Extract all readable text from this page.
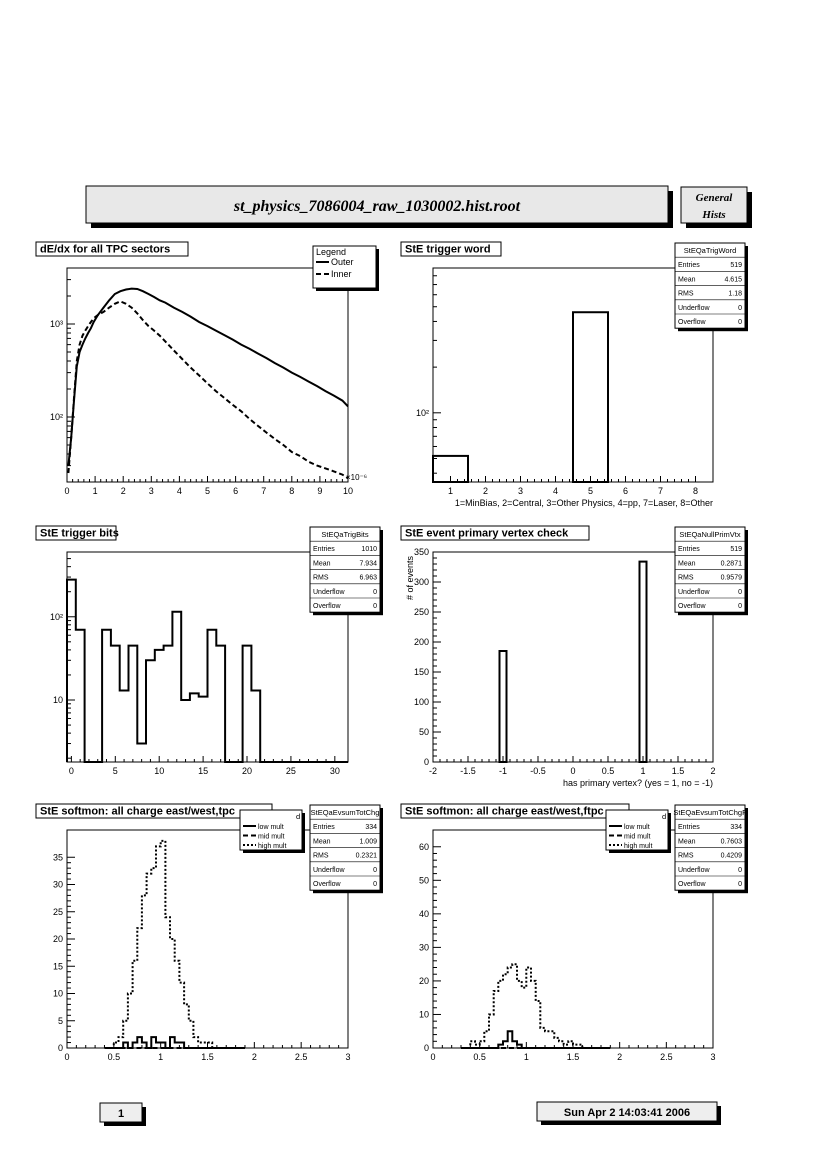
st_physics_7086004_raw_1030002.hist.root	General
Hists
dE/dx for all TPC sectors
0	1	2	3	4	5	6	7	8	9 10
×10⁻⁶
10²
10³
Legend
Outer
Inner
StE trigger word
1	2	3	4	5	6	7	8
1=MinBias, 2=Central, 3=Other Physics, 4=pp, 7=Laser, 8=Other
10²
StEQaTrigWord
Entries	519
Mean	4.615
RMS	1.18
Underflow	0
Overflow	0
StE trigger bits
0	5	10	15	20	25	30
10
10²
StEQaTrigBits
Entries	1010
Mean	7.934
RMS	6.963
Underflow	0
Overflow	0
StE event primary vertex check
-2	-1.5	-1	-0.5	0	0.5	1	1.5	2
has primary vertex? (yes = 1, no = -1)
0
50
100
150
200
250
300
350
# of events
StEQaNullPrimVtx
Entries	519
Mean	0.2871
RMS	0.9579
Underflow	0
Overflow	0
StE softmon: all charge east/west,tpc
0	0.5	1	1.5	2	2.5	3
0
5
10
15
20
25
30
35
StEQaEvsumTotChg
Entries	334
Mean	1.009
RMS	0.2321
Underflow	0
Overflow	0
d
low mult
mid mult
high mult
StE softmon: all charge east/west,ftpc
0	0.5	1	1.5	2	2.5	3
0
10
20
30
40
50
60
StEQaEvsumTotChgF
Entries	334
Mean	0.7603
RMS	0.4209
Underflow	0
Overflow	0
d
low mult
mid mult
high mult
1	Sun Apr 2 14:03:41 2006
